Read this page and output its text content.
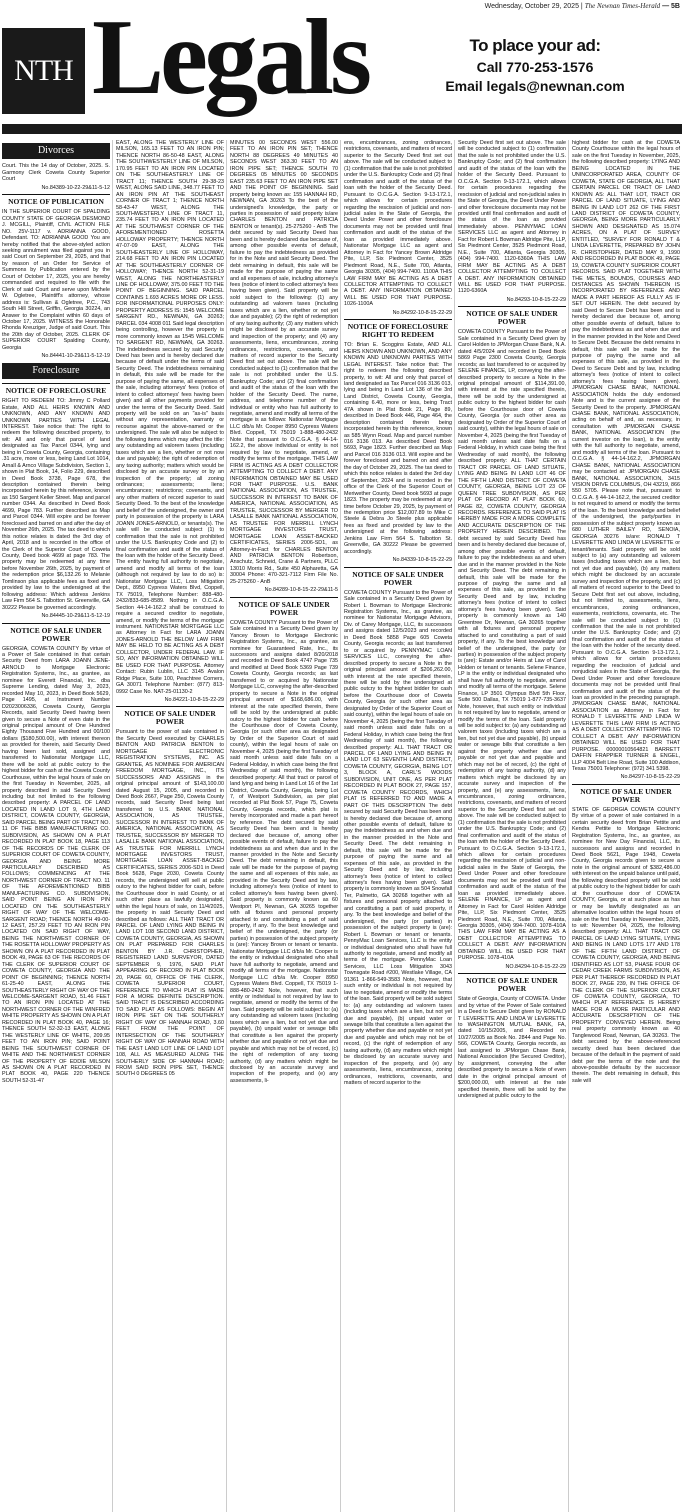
Wednesday, October 29, 2025 | The Newnan Times-Herald — 5B
NTH Legals	To place your ad:
Call 770-253-1576
Email legals@newnan.com
Divorces
Court. This the 14 day of October, 2025. S. Garmony Clerk Coweta County Superior Court
No.84389-10-22-29&11-5-12
NOTICE OF PUBLICATION
IN THE SUPERIOR COURT OF SPALDING COUNTY STATE OF GEORGIA DESMOND J. MCGILL, Plaintiff, CIVIL ACTION FILE NO. 25V-1117 v. ADRIANNA GOOD, Defendant. TO: ADRIANNA GOOD You are hereby notified that the above-styled action seeking annulment was filed against you in said Court on September 29, 2025, and that by reason of an Order for Service of Summons by Publication entered by the Court of October 17, 2025, you are hereby commanded and required to file with the Clerk of said Court and serve upon Michele W. Ogletree, Plaintiff's attorney, whose address is: Sullivan & Ogletree, P.C., 743 South Hill Street, Griffin, Georgia 30224, an Answer to the Complaint within 60 days of October 17, 2025. WITNESS the Honorable Rhonda Kreuziger, Judge of said Court. This the 20th day of October, 2025. CLERK OF SUPERIOR COURT Spalding County, Georgia
No.84441-10-29&11-5-12-19
Foreclosure
NOTICE OF FORECLOSURE
RIGHT TO REDEEM TO: Jimmy C Pollard Estate, AND ALL HEIRS KNOWN AND UNKNOWN, AND ANY KNOWN AND UNKNOWN PARTIES WITH LEGAL INTEREST. Take notice that: The right to redeem the following described property, to wit: All and only that parcel of land designated as Tax Parcel 0344, lying and being in Coweta County, Georgia, containing .31 acre, more or less, being Land Lot 1014, Arnall & Arnco Village Subdivision, Section 1, shown in Plat Book, 14, Folio 229, described in Deed Book 3738, Page 678, the description contained therein being incorporated herein by this reference, known as 150 Sargent Keller Street. Map and parcel number 0344. As described in Deed Book 4699, Page 783. Further described as Map and Parcel 0344. Will expire and be forever foreclosed and barred on and after the day of November 26th, 2025. The tax deed to which this notice relates is dated the 3rd day of April, 2018 and is recorded in the office of the Clerk of the Superior Court of Coweta County, Deed book 4699 at page 783. The property may be redeemed at any time before November 26th, 2025, by payment of the redemption price $6,132.26 to Melanie Tomlinson plus applicable fees as fixed and provided by law to the undersigned at the following address: Which address Jenkins Law Firm 564 S. Talbotton St. Greenville, GA 30222 Please be governed accordingly.
No.84445-10-29&11-5-12-19
NOTICE OF SALE UNDER POWER
GEORGIA, COWETA COUNTY By virtue of a Power of Sale contained in that certain Security Deed from LARA JOANN JENE-ARNOLD to Mortgage Electronic Registration Systems, Inc., as grantee, as nominee for Everett Financial, Inc. dba Supreme Lending, dated May 3, 2023, recorded May 10, 2023, in Deed Book 5629, Page 1495, at Instrument Number D2023006336, Coweta County, Georgia Records, said Security Deed having been given to secure a Note of even date in the original principal amount of One Hundred Eighty Thousand Five Hundred and 00/100 dollars ($180,500.00), with interest thereon as provided for therein, said Security Deed having been last sold, assigned and transferred to Nationstar Mortgage LLC, there will be sold at public outcry to the highest bidder for cash at the Coweta County Courthouse, within the legal hours of sale on the first Tuesday in November, 2025, all property described in said Security Deed including but not limited to the following described property: A PARCEL OF LAND LOCATED IN LAND LOT 9, 4TH LAND DISTRICT, COWETA COUNTY, GEORGIA, SAID PARCEL BEING PART OF TRACT NO. 11 OF THE BIBB MANUFACTURING CO. SUBDIVISION, AS SHOWN ON A PLAT RECORDED IN PLAT BOOK 18, PAGE 113 OF THE RECORDS OF THE CLERK OF SUPERIOR COURT OF COWETA COUNTY, GEORGIA AND BEING MORE PARTICULARLY DESCRIBED AS FOLLOWS; COMMENCING AT THE NORTHWEST CORNER OF TRACT NO. 11 OF THE AFOREMENTIONED BIBB MANUFACTURING CO. SUBDIVISION, SAID POINT BEING AN IRON PIN LOCATED ON THE SOUTHEASTERLY RIGHT OF WAY OF THE WELCOME-SARGENT ROAD; THENCE NORTH 49-00-12 EAST, 257.29 FEET TO AN IRON PIN LOCATED ON SAID RIGHT OF WAY, BEING THE NORTHWEST CORNER OF THE ROSETTA HOLLOWAY PROPERTY AS SHOWN ON A PLAT RECORDED IN PLAT BOOK 49, PAGE 63 OF THE RECORDS OF THE CLERK OF SUPERIOR COURT OF COWETA COUNTY, GEORGIA AND THE POINT OF BEGINNING; THENCE NORTH 61-25-40 EAST, ALONG THE SOUTHEASTERLY RIGHT OF WAY OF THE WELCOME-SARGENT ROAD, 51.46 FEET TO AN IRON PIN LOCATED AT THE NORTHWEST CORNER OF THE WINFRED WHITE PROPERTY AS SHOWN ON A PLAT RECORDED IN PLAT BOOK 40, PAGE 16; THENCE SOUTH 52-32-13 EAST, ALONG THE WESTERLY LINE OF WHITE, 209.95 FEET TO AN IRON PIN; SAID POINT BEING THE SOUTHWEST CORNER OF WHITE AND THE NORTHWEST CORNER OF THE PROPERTY OF EDDIE MILSON AS SHOWN ON A PLAT RECORDED IN PLAT BOOK 40, PAGE 220 THENCE SOUTH 52-31-47
EAST, ALONG THE WESTERLY LINE OF MILSON, 165.13 FEET TO AN IRON PIN; THENCE NORTH 86-50-48 EAST, ALONG THE SOUTHWESTERLY LINE OF MILSON, 170.95 FEET TO AN IRON PIN LOCATED ON THE SOUTHEASTERLY LINE OF TRACT 11; THENCE SOUTH 29-38-23 WEST, ALONG SAID LINE, 348.77 FEET TO AN IRON PIN AT THE SOUTHEAST CORNER OF TRACT 1; THENCE NORTH 58-43-47 WEST, ALONG THE SOUTHWESTERLY LINE OF TRACT 11, 235.74 FEET TO AN IRON PIN LOCATED AT THE SOUTHWEST CORNER OF THE AFOREMENTIONED ROSETTA HOLLOWAY PROPERTY; THENCE NORTH 47-07-09 EAST, ALONG THE SOUTHEASTERLY LINE OF HOLLOWAY, 214.68 FEET TO AN IRON PIN LOCATED AT THE SOUTHEASTERLY CORNER OF HOLLOWAY; THENCE NORTH 52-31-19 WEST, ALONG THE NORTHEASTERLY LINE OF HOLLOWAY, 375.00 FEET TO THE POINT OF BEGINNING. SAID PARCEL CONTAINS 1.693 ACRES MORE OR LESS. FOR INFORMATIONAL PURPOSES ONLY: PROPERTY ADDRESS IS: 1545 WELCOME SARGENT RD., NEWNAN, GA 30263; PARCEL 034 4008 011 Said legal description being controlling, however the property is more commonly known as 1545 WELCOME TO SARGENT RD, NEWNAN, GA 30263. The indebtedness secured by said Security Deed has been and is hereby declared due because of default under the terms of said Security Deed. The indebtedness remaining in default, this sale will be made for the purpose of paying the same, all expenses of the sale, including attorneys' fees (notice of intent to collect attorneys' fees having been given) and all other payments provided for under the terms of the Security Deed. Said property will be sold on an "as-is" basis without any representation, warranty or recourse against the above-named or the undersigned. The sale will also be subject to the following items which may affect the title: any outstanding ad valorem taxes (including taxes which are a lien, whether or not now due and payable); the right of redemption of any taxing authority; matters which would be disclosed by an accurate survey or by an inspection of the property; all zoning ordinances; assessments; liens; encumbrances; restrictions; covenants, and any other matters of record superior to said Security Deed. To the best of the knowledge and belief of the undersigned, the owner and party in possession of the property is LARA JOANN JONES-ARNOLD, or tenants(s). The sale will be conducted subject (1) to confirmation that the sale is not prohibited under the U.S. Bankruptcy Code and (2) to final confirmation and audit of the status of the loan with the holder of the Security Deed. The entity having full authority to negotiate, amend and modify all terms of the loan (although not required by law to do so) is: Nationstar Mortgage LLC, Loss Mitigation Dept., 8950 Cypress Waters Blvd, Coppell, TX 75019, Telephone Number: 888-480-2432/833-685-8589. Nothing in O.C.G.A. Section 44-14-162.2 shall be construed to require a secured creditor to negotiate, amend, or modify the terms of the mortgage instrument. NATIONSTAR MORTGAGE LLC as Attorney in Fact for LARA JOANN JONES-ARNOLD THE BELOW LAW FIRM MAY BE HELD TO BE ACTING AS A DEBT COLLECTOR, UNDER FEDERAL LAW. IF SO, ANY INFORMATION OBTAINED WILL BE USED FOR THAT PURPOSE. Attorney Contact: Rubin Lublin, LLC 3145 Avalon Ridge Place, Suite 100, Peachtree Corners, GA 30071 Telephone Number: (877) 813-0992 Case No. NAT-25-01130-2
No.84221-10-8-15-22-29
NOTICE OF SALE UNDER POWER
Pursuant to the power of sale contained in the Security Deed executed by CHARLES BENTON AND PATRICIA BENTON to MORTGAGE ELECTRONIC REGISTRATION SYSTEMS, INC. AS GRANTEE, AS NOMINEE FOR AMERICAN FREEDOM MORTGAGE, INC., ITS SUCCESSORS AND ASSIGNS in the original principal amount of $143,100.00 dated August 15, 2005, and recorded in Deed Book 2667, Page 250, Coweta County records, said Security Deed being last transferred to U.S. BANK NATIONAL ASSOCIATION, AS TRUSTEE, SUCCESSOR IN INTEREST TO BANK OF AMERICA, NATIONAL ASSOCIATION, AS TRUSTEE, SUCCESSOR BY MERGER TO LASALLE BANK NATIONAL ASSOCIATION, AS TRUSTEE FOR MERRILL LYNCH MORTGAGE INVESTORS TRUST, MORTGAGE LOAN ASSET-BACKED CERTIFICATES, SERIES 2006-SD1 in Deed Book 5628, Page 2030, Coweta County records, the undersigned will sell at public outcry to the highest bidder for cash, before the Courthouse door in said County, or at such other place as lawfully designated, within the legal hours of sale, on 11/4/2025, the property in said Security Deed and described as follows: ALL THAT TRACT OR PARCEL OF LAND LYING AND BEING IN LAND LOT 108 SECOND LAND DISTRICT, COWETA COUNTY, GEORGIA, AS SHOWN ON PLAT PREPARED FOR CHARLES BENTON BY J.R. CHRISTOPHER, REGISTERED LAND SURVEYOR, DATED SEPTEMBER 9, 1976, SAID PLAT APPEARING OF RECORD IN PLAT BOOK 20, PAGE 60, OFFICE OF THE CLERK, COWETA SUPERIOR COURT, REFERENCE TO WHICH PLAT IS MADE FOR A MORE DEFINITE DESCRIPTION. SAID TRACT IS DESCRIBED ACCORDING TO SAID PLAT AS FOLLOWS: BEGIN AT IRON PIPE SET ON THE SOUTHERLY RIGHT OF WAY OF HANNAH ROAD, 3.60 FEET FROM THE POINT OF INTERSECTION OF THE SOUTHERLY RIGHT OF WAY OF HANNAH ROAD WITH THE EAST LAND LOT LINE OF LAND LOT 108, ALL AS MEASURED ALONG THE SOUTHERLY SIDE OF HANNAH ROAD; FROM SAID IRON PIPE SET, THENCE SOUTH 0 DEGREES 05
MINUTES 00 SECONDS WEST 556.00 FEET TO AN IRON PIN SET; THENCE NORTH 88 DEGREES 49 MINUTES 40 SECONDS WEST 363.30 FEET TO AN IRON PIPE SET; THENCE SOUTH 70 DEGREES 05 MINUTES 00 SECONDS EAST 235.63 FEET TO AN IRON PIPE SET AND THE POINT OF BEGINNING. Said property being known as: 155 HANNAH RD, NEWNAN, GA 30263 To the best of the undersigned's knowledge, the party or parties in possession of said property is/are CHARLES BENTON and PATRICIA BENTON or tenant(s). 25-275260 - AnB The debt secured by said Security Deed has been and is hereby declared due because of, among other possible events of default, failure to pay the indebtedness as provided for in the Note and said Security Deed. The debt remaining in default, this sale will be made for the purpose of paying the same and all expenses of sale, including attorney's fees (notice of intent to collect attorney's fees having been given). Said property will be sold subject to the following: (1) any outstanding ad valorem taxes (including taxes which are a lien, whether or not yet due and payable); (2) the right of redemption of any taxing authority; (3) any matters which might be disclosed by an accurate survey and inspection of the property; and (4) any assessments, liens, encumbrances, zoning ordinances, restrictions, covenants, and matters of record superior to the Security Deed first set out above. The sale will be conducted subject to (1) confirmation that the sale is not prohibited under the U.S. Bankruptcy Code; and (2) final confirmation and audit of the status of the loan with the holder of the Security Deed. The name, address, and telephone number of the individual or entity who has full authority to negotiate, amend and modify all terms of the mortgage is as follows: Nationstar Mortgage LLC d/b/a Mr. Cooper 8950 Cypress Waters Blvd. Coppell, TX 75019 1-888-480-2432 Note that pursuant to O.C.G.A. § 44-14-162.2, the above individual or entity is not required by law to negotiate, amend, or modify the terms of the mortgage. THIS LAW FIRM IS ACTING AS A DEBT COLLECTOR ATTEMPTING TO COLLECT A DEBT. ANY INFORMATION OBTAINED MAY BE USED FOR THAT PURPOSE. U.S. BANK NATIONAL ASSOCIATION, AS TRUSTEE, SUCCESSOR IN INTEREST TO BANK OF AMERICA, NATIONAL ASSOCIATION, AS TRUSTEE, SUCCESSOR BY MERGER TO LASALLE BANK NATIONAL ASSOCIATION, AS TRUSTEE FOR MERRILL LYNCH MORTGAGE INVESTORS TRUST, MORTGAGE LOAN ASSET-BACKED CERTIFICATES, SERIES 2006-SD1, as Attorney-in-Fact for CHARLES BENTON AND PATRICIA BENTON Robertson, Anschutz, Schneid, Crane & Partners, PLLC 13010 Morris Rd., Suite 450 Alpharetta, GA 30004 Phone: 470-321-7112 Firm File No. 25-275260 - AnB
No.84289-10-8-15-22-29&11-5
NOTICE OF SALE UNDER POWER
COWETA COUNTY Pursuant to the Power of Sale contained in a Security Deed given by Yancey Brown to Mortgage Electronic Registration Systems, Inc., as grantee, as nominee for Guaranteed Rate, Inc., its successors and assigns dated 8/20/2018 and recorded in Deed Book 4747 Page 735 and modified at Deed Book 5369 Page 739 Coweta County, Georgia records; as last transferred to or acquired by Nationstar Mortgage LLC, conveying the after-described property to secure a Note in the original principal amount of $168,686.00, with interest at the rate specified therein, there will be sold by the undersigned at public outcry to the highest bidder for cash before the Courthouse door of Coweta County, Georgia (or such other area as designated by Order of the Superior Court of said county), within the legal hours of sale on November 4, 2025 (being the first Tuesday of said month unless said date falls on a Federal Holiday, in which case being the first Wednesday of said month), the following described property: All that tract or parcel of land lying and being in Land Lot 16 of the 1st District, Coweta County, Georgia, being Lot 7, of Westport Subdivision, as per plat recorded at Plat Book 57, Page 75, Coweta County, Georgia records, which plat is hereby incorporated and made a part hereof by reference. The debt secured by said Security Deed has been and is hereby declared due because of, among other possible events of default, failure to pay the indebtedness as and when due and in the manner provided in the Note and Security Deed. The debt remaining in default, this sale will be made for the purpose of paying the same and all expenses of this sale, as provided in the Security Deed and by law, including attorney's fees (notice of intent to collect attorney's fees having been given). Said property is commonly known as 60 Westport Pl, Newnan, GA 30265 together with all fixtures and personal property attached to and constituting a part of said property, if any. To the best knowledge and belief of the undersigned, the party (or parties) in possession of the subject property is (are): Yancey Brown or tenant or tenants. Nationstar Mortgage LLC d/b/a Mr. Cooper is the entity or individual designated who shall have full authority to negotiate, amend and modify all terms of the mortgage. Nationstar Mortgage LLC d/b/a Mr. Cooper 8950 Cypress Waters Blvd. Coppell, TX 75019 1-888-480-2432 Note, however, that such entity or individual is not required by law to negotiate, amend or modify the terms of the loan. Said property will be sold subject to: (a) any outstanding ad valorem taxes (including taxes which are a lien, but not yet due and payable), (b) unpaid water or sewage bills that constitute a lien against the property whether due and payable or not yet due and payable and which may not be of record, (c) the right of redemption of any taxing authority, (d) any matters which might be disclosed by an accurate survey and inspection of the property, and (e) any assessments, li-
ens, encumbrances, zoning ordinances, restrictions, covenants, and matters of record superior to the Security Deed first set out above. The sale will be conducted subject to (1) confirmation that the sale is not prohibited under the U.S. Bankruptcy Code and (2) final confirmation and audit of the status of the loan with the holder of the Security Deed. Pursuant to O.C.G.A. Section 9-13-172.1, which allows for certain procedures regarding the rescission of judicial and non-judicial sales in the State of Georgia, the Deed Under Power and other foreclosure documents may not be provided until final confirmation and audit of the status of the loan as provided immediately above. Nationstar Mortgage LLC as agent and Attorney in Fact for Yancey Brown Aldridge Pite, LLP, Six Piedmont Center, 3525 Piedmont Road, N.E., Suite 700, Atlanta, Georgia 30305, (404) 994-7400. 1100A THIS LAW FIRM MAY BE ACTING AS A DEBT COLLECTOR ATTEMPTING TO COLLECT A DEBT. ANY INFORMATION OBTAINED WILL BE USED FOR THAT PURPOSE. 1026-1100A
No.84292-10-8-15-22-29
NOTICE OF FORECLOSURE RIGHT TO REDEEM
TO: Brian E. Scoggins Estate, AND ALL HEIRS KNOWN AND UNKNOWN, AND ANY KNOWN AND UNKNOWN PARTIES WITH LEGAL INTEREST. Take notice that: The right to redeem the following described property, to wit: All and only that parcel of land designated as Tax Parcel 016 3136 013, lying and being in Land Lot 136 of the 3rd Land District, Coweta County, Georgia, containing 6.40, more or less, being Tract 47A shown in Plat Book 21, Page 89, described in Deed Book 446, Page 464, the description contained therein being incorporated herein by this reference, known as 585 Wynn Road. Map and parcel number 016 3136 013. As described Deed Book 5693, Page 1823. Further described as Map and Parcel 016 3136 013. Will expire and be forever foreclosed and barred on and after the day of October 29, 2025. The tax deed to which this notice relates is dated the 3rd day of September, 2024 and is recorded in the office of the Clerk of the Superior Court of Meriwether County, Deed book 5693 at page 1823. The property may be redeemed at any time before October 29, 2025, by payment of the redemption price $12,007.89 to Mike C Steele & Debra Jo Steele plus applicable fees as fixed and provided by law to the undersigned at the following address: Jenkins Law Firm 564 S. Talbotton St. Greenville, GA 30222 Please be governed accordingly.
No.84339-10-8-15-22-29
NOTICE OF SALE UNDER POWER
COWETA COUNTY Pursuant to the Power of Sale contained in a Security Deed given by Robert L Bowman to Mortgage Electronic Registration Systems, Inc., as grantee, as nominee for Nationstar Mortgage Advisors, Div. of Carey Mortgage, LLC, its successors and assigns dated 12/5/2023 and recorded in Deed Book 5858 Page 605 Coweta County, Georgia records; as last transferred to or acquired by PENNYMAC LOAN SERVICES LLC, conveying the after-described property to secure a Note in the original principal amount of $206,262.00, with interest at the rate specified therein, there will be sold by the undersigned at public outcry to the highest bidder for cash before the Courthouse door of Coweta County, Georgia (or such other area as designated by Order of the Superior Court of said county), within the legal hours of sale on November 4, 2025 (being the first Tuesday of said month unless said date falls on a Federal Holiday, in which case being the first Wednesday of said month), the following described property: ALL THAT TRACT OR PARCEL OF LAND LYING AND BEING IN LAND LOT 63 SEVENTH LAND DISTRICT, COWETA COUNTY, GEORGIA, BEING LOT 3, BLOCK A, CARL'S WOODS SUBDIVISION, UNIT ONE, AS PER PLAT RECORDED IN PLAT BOOK 27, PAGE 157, COWETA COUNTY RECORDS, WHICH PLAT IS REFERRED TO AND MADE A PART OF THIS DESCRIPTION The debt secured by said Security Deed has been and is hereby declared due because of, among other possible events of default, failure to pay the indebtedness as and when due and in the manner provided in the Note and Security Deed. The debt remaining in default, this sale will be made for the purpose of paying the same and all expenses of this sale, as provided in the Security Deed and by law, including attorney's fees (notice of intent to collect attorney's fees having been given). Said property is commonly known as 504 Snowfall Ter, Palmetto, GA 30268 together with all fixtures and personal property attached to and constituting a part of said property, if any. To the best knowledge and belief of the undersigned, the party (or parties) in possession of the subject property is (are): Robert L Bowman or tenant or tenants. PennyMac Loan Services, LLC is the entity or individual designated who shall have full authority to negotiate, amend and modify all terms of the mortgage. PennyMac Loan Services, LLC Loss Mitigation 3043 Townsgate Road #200, Westlake Village, CA 91361 1-866-549-3583 Note, however, that such entity or individual is not required by law to negotiate, amend or modify the terms of the loan. Said property will be sold subject to: (a) any outstanding ad valorem taxes (including taxes which are a lien, but not yet due and payable), (b) unpaid water or sewage bills that constitute a lien against the property whether due and payable or not yet due and payable and which may not be of record, (c) the right of redemption of any taxing authority, (d) any matters which might be disclosed by an accurate survey and inspection of the property, and (e) any assessments, liens, encumbrances, zoning ordinances, restrictions, covenants, and matters of record superior to the
Security Deed first set out above. The sale will be conducted subject to (1) confirmation that the sale is not prohibited under the U.S. Bankruptcy Code; and (2) final confirmation and audit of the status of the loan with the holder of the Security Deed. Pursuant to O.C.G.A. Section 9-13-172.1, which allows for certain procedures regarding the rescission of judicial and non-judicial sales in the State of Georgia, the Deed Under Power and other foreclosure documents may not be provided until final confirmation and audit of the status of the loan as provided immediately above. PENNYMAC LOAN SERVICES LLC as agent and Attorney in Fact for Robert L Bowman Aldridge Pite, LLP, Six Piedmont Center, 3525 Piedmont Road, N.E., Suite 700, Atlanta, Georgia 30305, (404) 994-7400. 1120-6360A THIS LAW FIRM MAY BE ACTING AS A DEBT COLLECTOR ATTEMPTING TO COLLECT A DEBT. ANY INFORMATION OBTAINED WILL BE USED FOR THAT PURPOSE. 1120-6360A
No.84293-10-8-15-22-29
NOTICE OF SALE UNDER POWER
COWETA COUNTY Pursuant to the Power of Sale contained in a Security Deed given by Carol Holden to JPMorgan Chase Bank, N.A. dated 4/5/2024 and recorded in Deed Book 5869 Page 2300 Coweta County, Georgia records; as last transferred to or acquired by SELENE FINANCE, LP, conveying the after-described property to secure a Note in the original principal amount of $114,391.00, with interest at the rate specified therein, there will be sold by the undersigned at public outcry to the highest bidder for cash before the Courthouse door of Coweta County, Georgia (or such other area as designated by Order of the Superior Court of said county), within the legal hours of sale on November 4, 2025 (being the first Tuesday of said month unless said date falls on a Federal Holiday, in which case being the first Wednesday of said month), the following described property: ALL THAT CERTAIN TRACT OR PARCEL OF LAND SITUATE, LYING AND BEING IN LAND LOT 46 OF THE FIFTH LAND DISTRICT OF COWETA COUNTY, GEORGIA, BEING LOT 23 OF QUEEN TREE SUBDIVISION, AS PER PLAT OF RECORD AT PLAT BOOK 60, PAGE 82, COWETA COUNTY, GEORGIA RECORDS. REFERENCE TO SAID PLAT IS HEREBY MADE FOR A MORE COMPLETE AND ACCURATE DESCRIPTION OF THE PROPERTY HEREIN DESCRIBED. The debt secured by said Security Deed has been and is hereby declared due because of, among other possible events of default, failure to pay the indebtedness as and when due and in the manner provided in the Note and Security Deed. The debt remaining in default, this sale will be made for the purpose of paying the same and all expenses of this sale, as provided in the Security Deed and by law, including attorney's fees (notice of intent to collect attorney's fees having been given). Said property is commonly known as 140 Greentree Dr, Newnan, GA 30265 together with all fixtures and personal property attached to and constituting a part of said property, if any. To the best knowledge and belief of the undersigned, the party (or parties) in possession of the subject property is (are): Estate and/or Heirs at Law of Carol Holden or tenant or tenants. Selene Finance, LP is the entity or individual designated who shall have full authority to negotiate, amend and modify all terms of the mortgage. Selene Finance, LP 3501 Olympus Blvd 5th Floor, Suite 500 Dallas, TX 75019 1-877-735-3637 Note, however, that such entity or individual is not required by law to negotiate, amend or modify the terms of the loan. Said property will be sold subject to: (a) any outstanding ad valorem taxes (including taxes which are a lien, but not yet due and payable), (b) unpaid water or sewage bills that constitute a lien against the property whether due and payable or not yet due and payable and which may not be of record, (c) the right of redemption of any taxing authority, (d) any matters which might be disclosed by an accurate survey and inspection of the property, and (e) any assessments, liens, encumbrances, zoning ordinances, restrictions, covenants, and matters of record superior to the Security Deed first set out above. The sale will be conducted subject to (1) confirmation that the sale is not prohibited under the U.S. Bankruptcy Code; and (2) final confirmation and audit of the status of the loan with the holder of the Security Deed. Pursuant to O.C.G.A. Section 9-13-172.1, which allows for certain procedures regarding the rescission of judicial and non-judicial sales in the State of Georgia, the Deed Under Power and other foreclosure documents may not be provided until final confirmation and audit of the status of the loan as provided immediately above. SELENE FINANCE, LP as agent and Attorney in Fact for Carol Holden Aldridge Pite, LLP, Six Piedmont Center, 3525 Piedmont Road, N.E., Suite 700, Atlanta, Georgia 30305, (404) 994-7400. 1078-410A THIS LAW FIRM MAY BE ACTING AS A DEBT COLLECTOR ATTEMPTING TO COLLECT A DEBT. ANY INFORMATION OBTAINED WILL BE USED FOR THAT PURPOSE. 1078-410A
NO.84294-10-8-15-22-29
NOTICE OF SALE UNDER POWER
State of Georgia, County of COWETA. Under and by virtue of the Power of Sale contained in a Deed to Secure Debt given by RONALD T LEVERETTE AND LINDA W LEVERETTE to WASHINGTON MUTUAL BANK, FA, dated 10/15/2005, and Recorded on 10/27/2005 as Book No. 2844 and Page No. 566, COWETA County, Georgia records, as last assigned to JPMorgan Chase Bank, National Association (the Secured Creditor), by assignment, conveying the after described property to secure a Note of even date in the original principal amount of $200,000.00, with interest at the rate specified therein, there will be sold by the undersigned at public outcry to the
highest bidder for cash at the COWETA County Courthouse within the legal hours of sale on the first Tuesday in November, 2025, the following described property: LYING AND BEING LOCATED IN THE UNINCORPORATED AREA, COUNTY OF COWETA, STATE OF GEORGIA, ALL THAT CERTAIN PARCEL OR TRACT OF LAND KNOWN AS: ALL THAT LOT, TRACT OR PARCEL OF LAND SITUATE, LYING AND BEING IN LAND LOT 262 OF THE FIRST LAND DISTRICT OF COWETA COUNTY, GEORGIA, BEING MORE PARTICULARLY SHOWN AND DESIGNATED AS 15.074 ACRES, ON A PLAT OF SURVEY ENTITLED, "SURVEY FOR RONALD T & LINDA LEVERETTE, PREPARED BY JOHN R. CHRISTOPHER, DATED MAY 9, 1990 AND RECORDED IN PLAT BOOK 49, PAGE 19, COWETA COUNTY SUPERIOR COURT RECORDS. SAID PLAT TOGETHER WITH THE METES, BOUNDS, COURSES AND DISTANCES AS SHOWN THEREON IS INCORPORATED BY REFERENCE AND MADE A PART HEREOF AS FULLY AS IF SET OUT HEREIN. The debt secured by said Deed to Secure Debt has been and is hereby declared due because of, among other possible events of default, failure to pay the indebtedness as and when due and in the manner provided in the Note and Deed to Secure Debt. Because the debt remains in default, this sale will be made for the purpose of paying the same and all expenses of this sale, as provided in the Deed to Secure Debt and by law, including attorney's fees (notice of intent to collect attorney's fees having been given). JPMORGAN CHASE BANK, NATIONAL ASSOCIATION holds the duly endorsed Note and is the current assignee of the Security Deed to the property. JPMORGAN CHASE BANK, NATIONAL ASSOCIATION, acting on behalf of and, as necessary, in consultation with JPMORGAN CHASE BANK, NATIONAL ASSOCIATION (the current investor on the loan), is the entity with the full authority to negotiate, amend, and modify all terms of the loan. Pursuant to O.C.G.A. § 44-14-162.2, JPMORGAN CHASE BANK, NATIONAL ASSOCIATION may be contacted at: JPMORGAN CHASE BANK, NATIONAL ASSOCIATION, 3415 VISION DRIVE COLUMBUS, OH 43219, 866 550 5705. Please note that, pursuant to O.C.G.A. § 44-14-162.2, the secured creditor is not required to amend or modify the terms of the loan. To the best knowledge and belief of the undersigned, the party/parties in possession of the subject property known as 680 LUTHER BAILEY RD, SENOIA, GEORGIA 30276 is/are: RONALD T LEVERETTE AND LINDA W LEVERETTE or tenant/tenants. Said property will be sold subject to (a) any outstanding ad valorem taxes (including taxes which are a lien, but not yet due and payable), (b) any matters which might be disclosed by an accurate survey and inspection of the property, and (c) all matters of record superior to the Deed to Secure Debt first set out above, including, but not limited to, assessments, liens, encumbrances, zoning ordinances, easements, restrictions, covenants, etc. The sale will be conducted subject to (1) confirmation that the sale is not prohibited under the U.S. Bankruptcy Code; and (2) final confirmation and audit of the status of the loan with the holder of the security deed. Pursuant to O.C.G.A. Section 9-13-172.1, which allows for certain procedures regarding the rescission of judicial and nonjudicial sales in the State of Georgia, the Deed Under Power and other foreclosure documents may not be provided until final confirmation and audit of the status of the loan as provided in the preceding paragraph. JPMORGAN CHASE BANK, NATIONAL ASSOCIATION as Attorney in Fact for RONALD T LEVERETTE AND LINDA W LEVERETTE THIS LAW FIRM IS ACTING AS A DEBT COLLECTOR ATTEMPTING TO COLLECT A DEBT. ANY INFORMATION OBTAINED WILL BE USED FOR THAT PURPOSE. 00000010564821 BARRETT DAFFIN FRAPPIER TURNER & ENGEL, LLP 4004 Belt Line Road, Suite 100 Addison, Texas 75001 Telephone: (972) 341 5398.
No.84297-10-8-15-22-29
NOTICE OF SALE UNDER POWER
STATE OF GEORGIA COWETA COUNTY By virtue of a power of sale contained in a certain security deed from Brian Pettite and Kendra Pettite to Mortgage Electronic Registration Systems, Inc., as grantee, as nominee for New Day Financial, LLC, its successors and assigns and recorded in Deed Book 5621, Page 1948, Coweta County, Georgia records given to secure a note in the original amount of $382,486.00 with interest on the unpaid balance until paid, the following described property will be sold at public outcry to the highest bidder for cash at the courthouse door of COWETA COUNTY, Georgia, or at such place as has or may be lawfully designated as an alternative location within the legal hours of sale on the first Tuesday in November, 2025, to wit: November 04, 2025, the following described property: ALL THAT TRACT OR PARCEL OF LAND LYING SITUATE, LYING AND BEING IN LAND LOTS 177 AND 178 OF THE FIFTH LAND DISTRICT OF COWETA COUNTY, GEORGIA, AND BEING IDENTIFIED AS LOT 53, PHASE FOUR OF CEDAR CREEK FARMS SUBDIVISION, AS PER PLAT THEREOF RECORDED IN PLAT BOOK 27, PAGE 239, IN THE OFFICE OF THE CLERK OF THE SUPERIOR COURT OF COWETA COUNTY, GEORGIA, TO WHICH PLAT REFERENCE IS HEREBY MADE FOR A MORE PARTICULAR AND ACCURATE DESCRIPTION OF THE PROPERTY CONVEYED HEREIN. Being real property commonly known as 40 Tanglewood Road, Newnan, GA 30263. The debt secured by the above-referenced security deed has been declared due because of the default in the payment of said debt per the terms of the note and the above-possible defaults by the successor therein. The debt remaining in default, this sale will
